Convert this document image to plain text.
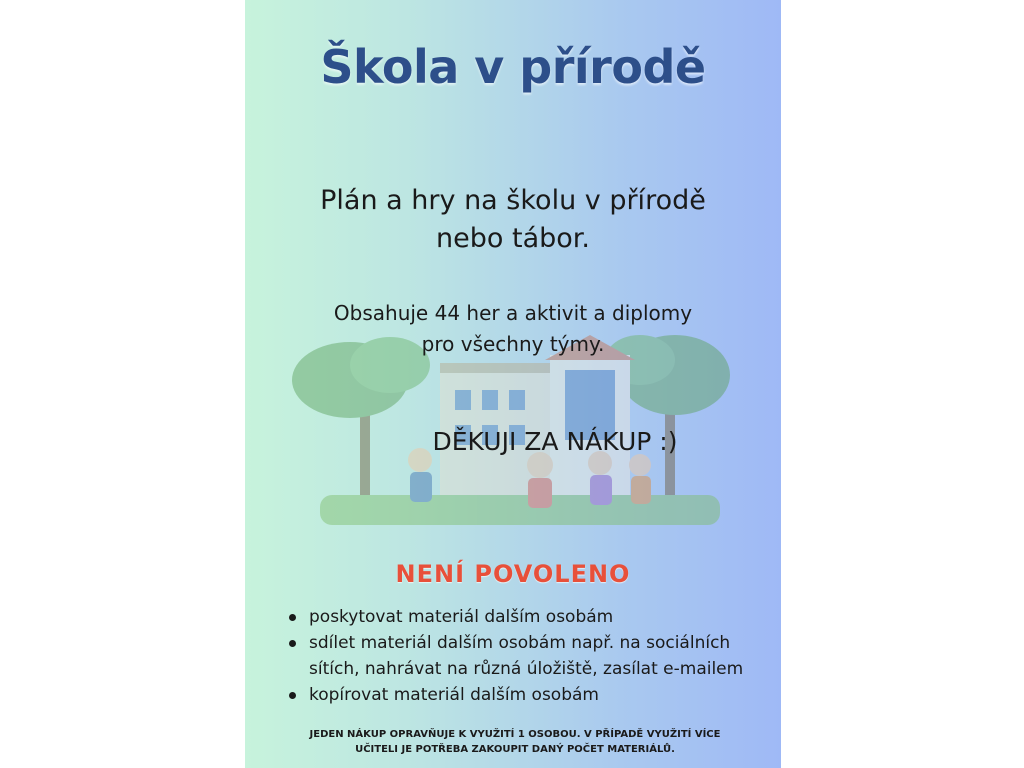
Škola v přírodě
Plán a hry na školu v přírodě
nebo tábor.
Obsahuje 44 her a aktivit a diplomy
pro všechny týmy.
DĚKUJI ZA NÁKUP :)
NENÍ POVOLENO
poskytovat materiál dalším osobám
sdílet materiál dalším osobám např. na sociálních sítích, nahrávat na různá úložiště, zasílat e-mailem
kopírovat materiál dalším osobám
JEDEN NÁKUP OPRAVŇUJE K VYUŽITÍ 1 OSOBOU. V PŘÍPADĚ VYUŽITÍ VÍCE
UČITELI JE POTŘEBA ZAKOUPIT DANÝ POČET MATERIÁLŮ.
